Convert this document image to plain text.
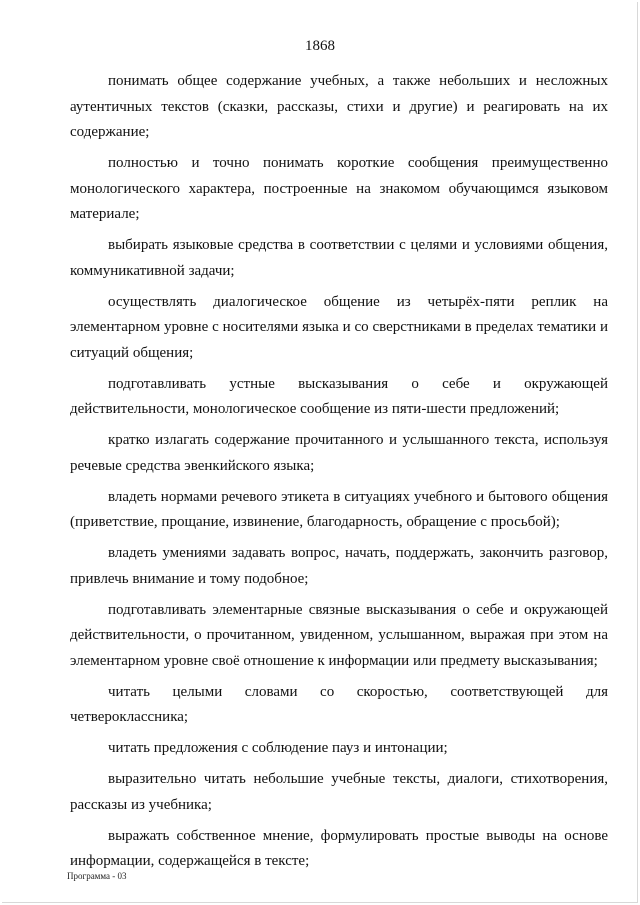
1868

понимать общее содержание учебных, а также небольших и несложных аутентичных текстов (сказки, рассказы, стихи и другие) и реагировать на их содержание;

полностью и точно понимать короткие сообщения преимущественно монологического характера, построенные на знакомом обучающимся языковом материале;

выбирать языковые средства в соответствии с целями и условиями общения, коммуникативной задачи;

осуществлять диалогическое общение из четырёх-пяти реплик на элементарном уровне с носителями языка и со сверстниками в пределах тематики и ситуаций общения;

подготавливать устные высказывания о себе и окружающей действительности, монологическое сообщение из пяти-шести предложений;

кратко излагать содержание прочитанного и услышанного текста, используя речевые средства эвенкийского языка;

владеть нормами речевого этикета в ситуациях учебного и бытового общения (приветствие, прощание, извинение, благодарность, обращение с просьбой);

владеть умениями задавать вопрос, начать, поддержать, закончить разговор, привлечь внимание и тому подобное;

подготавливать элементарные связные высказывания о себе и окружающей действительности, о прочитанном, увиденном, услышанном, выражая при этом на элементарном уровне своё отношение к информации или предмету высказывания;

читать целыми словами со скоростью, соответствующей для четвероклассника;

читать предложения с соблюдение пауз и интонации;

выразительно читать небольшие учебные тексты, диалоги, стихотворения, рассказы из учебника;

выражать собственное мнение, формулировать простые выводы на основе информации, содержащейся в тексте;

Программа - 03
